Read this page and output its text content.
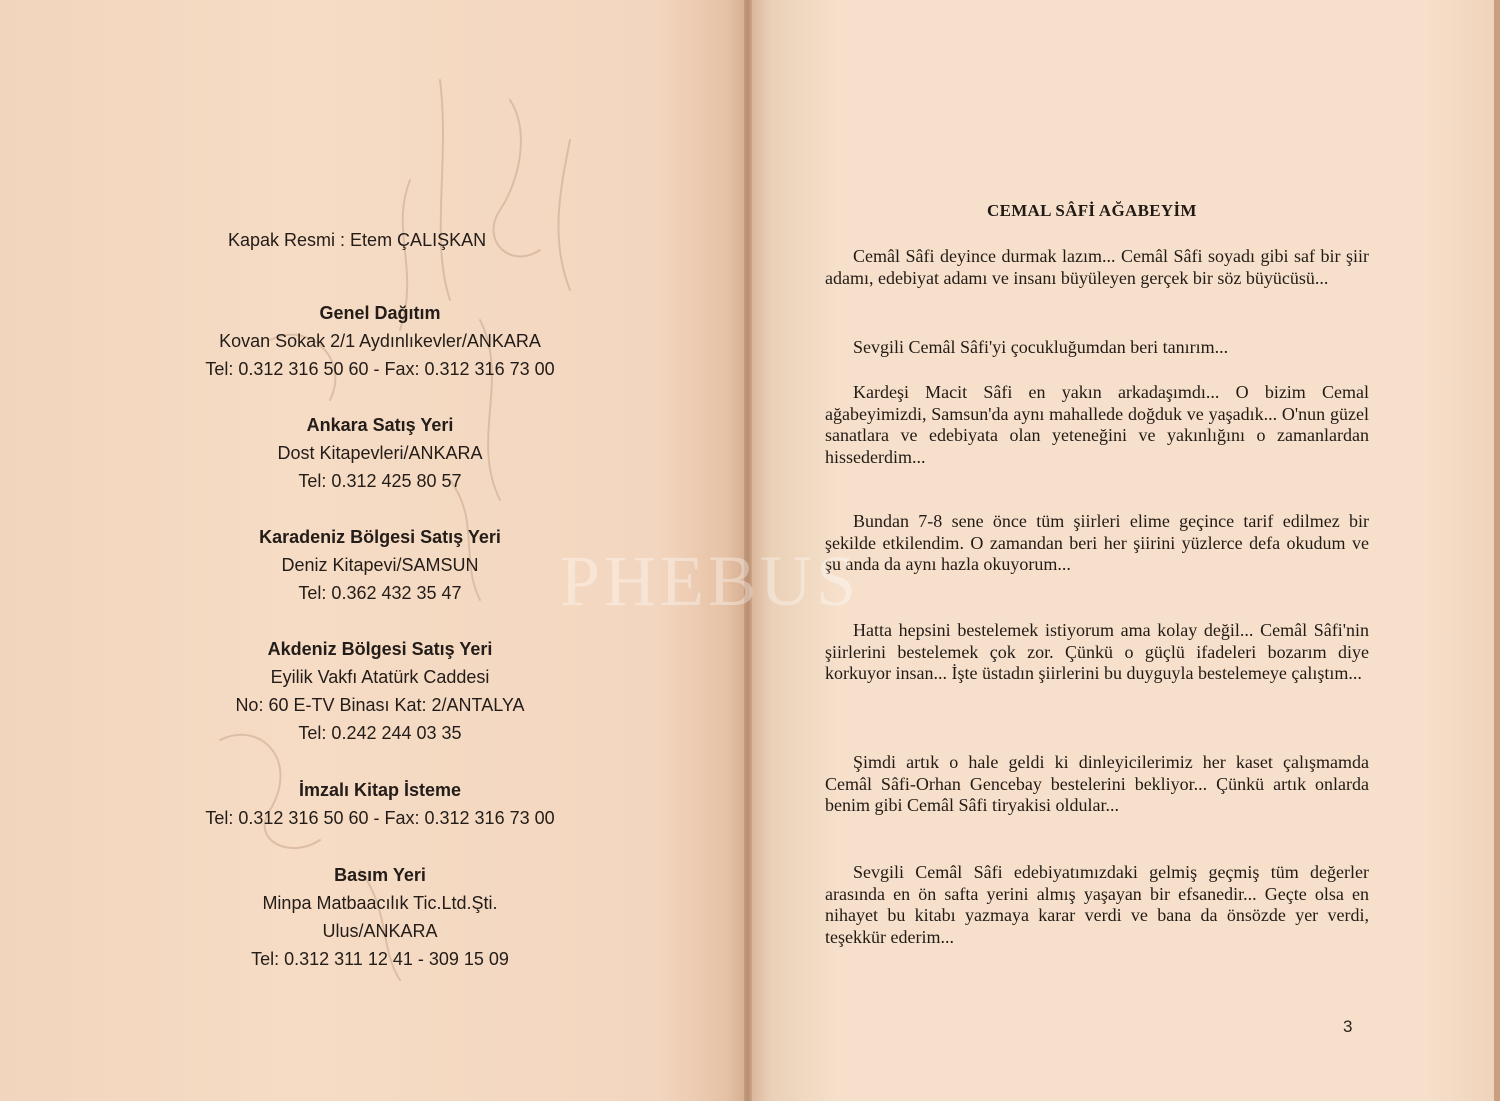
Kapak Resmi : Etem ÇALIŞKAN
Genel Dağıtım
Kovan Sokak 2/1 Aydınlıkevler/ANKARA
Tel: 0.312 316 50 60 - Fax: 0.312 316 73 00
Ankara Satış Yeri
Dost Kitapevleri/ANKARA
Tel: 0.312 425 80 57
Karadeniz Bölgesi Satış Yeri
Deniz Kitapevi/SAMSUN
Tel: 0.362 432 35 47
Akdeniz Bölgesi Satış Yeri
Eyilik Vakfı Atatürk Caddesi
No: 60 E-TV Binası Kat: 2/ANTALYA
Tel: 0.242 244 03 35
İmzalı Kitap İsteme
Tel: 0.312 316 50 60 - Fax: 0.312 316 73 00
Basım Yeri
Minpa Matbaacılık Tic.Ltd.Şti.
Ulus/ANKARA
Tel: 0.312 311 12 41 - 309 15 09
CEMAL SÂFİ AĞABEYİM

Cemâl Sâfi deyince durmak lazım... Cemâl Sâfi soyadı gibi saf bir şiir adamı, edebiyat adamı ve insanı büyüleyen gerçek bir söz büyücüsü...

Sevgili Cemâl Sâfi'yi çocukluğumdan beri tanırım...

Kardeşi Macit Sâfi en yakın arkadaşımdı... O bizim Cemal ağabeyimizdi, Samsun'da aynı mahallede doğduk ve yaşadık... O'nun güzel sanatlara ve edebiyata olan yeteneğini ve yakınlığını o zamanlardan hissederdim...

Bundan 7-8 sene önce tüm şiirleri elime geçince tarif edilmez bir şekilde etkilendim. O zamandan beri her şiirini yüzlerce defa okudum ve şu anda da aynı hazla okuyorum...

Hatta hepsini bestelemek istiyorum ama kolay değil... Cemâl Sâfi'nin şiirlerini bestelemek çok zor. Çünkü o güçlü ifadeleri bozarım diye korkuyor insan... İşte üstadın şiirlerini bu duyguyla bestelemeye çalıştım...

Şimdi artık o hale geldi ki dinleyicilerimiz her kaset çalışmamda Cemâl Sâfi-Orhan Gencebay bestelerini bekliyor... Çünkü artık onlarda benim gibi Cemâl Sâfi tiryakisi oldular...

Sevgili Cemâl Sâfi edebiyatımızdaki gelmiş geçmiş tüm değerler arasında en ön safta yerini almış yaşayan bir efsanedir... Geçte olsa en nihayet bu kitabı yazmaya karar verdi ve bana da önsözde yer verdi, teşekkür ederim...

3
PHEBUS
